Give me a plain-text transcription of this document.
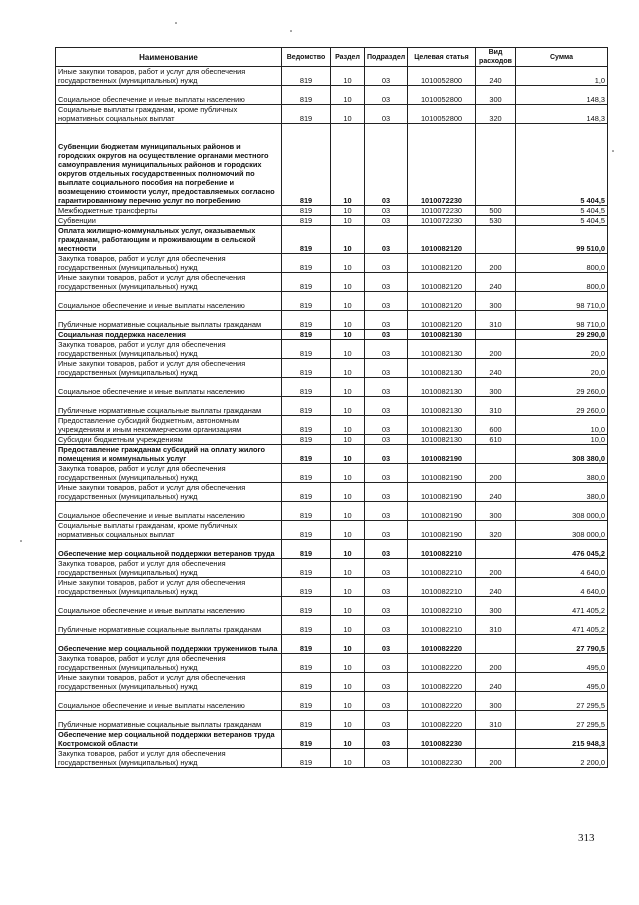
Наименование	Ведомство	Раздел	Подраздел	Целевая статья	Вид расходов	Сумма
Иные закупки товаров, работ и услуг для обеспечения государственных (муниципальных) нужд	819	10	03	1010052800	240	1,0
Социальное обеспечение и иные выплаты населению	819	10	03	1010052800	300	148,3
Социальные выплаты гражданам, кроме публичных нормативных социальных выплат	819	10	03	1010052800	320	148,3
Субвенции бюджетам муниципальных районов и городских округов на осуществление органами местного самоуправления муниципальных районов и городских округов отдельных государственных полномочий по выплате социального пособия на погребение и возмещению стоимости услуг, предоставляемых согласно гарантированному перечню услуг по погребению	819	10	03	1010072230		5 404,5
Межбюджетные трансферты	819	10	03	1010072230	500	5 404,5
Субвенции	819	10	03	1010072230	530	5 404,5
Оплата жилищно-коммунальных услуг, оказываемых гражданам, работающим и проживающим в сельской местности	819	10	03	1010082120		99 510,0
Закупка товаров, работ и услуг для обеспечения государственных (муниципальных) нужд	819	10	03	1010082120	200	800,0
Иные закупки товаров, работ и услуг для обеспечения государственных (муниципальных) нужд	819	10	03	1010082120	240	800,0
Социальное обеспечение и иные выплаты населению	819	10	03	1010082120	300	98 710,0
Публичные нормативные социальные выплаты гражданам	819	10	03	1010082120	310	98 710,0
Социальная поддержка населения	819	10	03	1010082130		29 290,0
Закупка товаров, работ и услуг для обеспечения государственных (муниципальных) нужд	819	10	03	1010082130	200	20,0
Иные закупки товаров, работ и услуг для обеспечения государственных (муниципальных) нужд	819	10	03	1010082130	240	20,0
Социальное обеспечение и иные выплаты населению	819	10	03	1010082130	300	29 260,0
Публичные нормативные социальные выплаты гражданам	819	10	03	1010082130	310	29 260,0
Предоставление субсидий бюджетным, автономным учреждениям и иным некоммерческим организациям	819	10	03	1010082130	600	10,0
Субсидии бюджетным учреждениям	819	10	03	1010082130	610	10,0
Предоставление гражданам субсидий на оплату жилого помещения и коммунальных услуг	819	10	03	1010082190		308 380,0
Закупка товаров, работ и услуг для обеспечения государственных (муниципальных) нужд	819	10	03	1010082190	200	380,0
Иные закупки товаров, работ и услуг для обеспечения государственных (муниципальных) нужд	819	10	03	1010082190	240	380,0
Социальное обеспечение и иные выплаты населению	819	10	03	1010082190	300	308 000,0
Социальные выплаты гражданам, кроме публичных нормативных социальных выплат	819	10	03	1010082190	320	308 000,0
Обеспечение мер социальной поддержки ветеранов труда	819	10	03	1010082210		476 045,2
Закупка товаров, работ и услуг для обеспечения государственных (муниципальных) нужд	819	10	03	1010082210	200	4 640,0
Иные закупки товаров, работ и услуг для обеспечения государственных (муниципальных) нужд	819	10	03	1010082210	240	4 640,0
Социальное обеспечение и иные выплаты населению	819	10	03	1010082210	300	471 405,2
Публичные нормативные социальные выплаты гражданам	819	10	03	1010082210	310	471 405,2
Обеспечение мер социальной поддержки тружеников тыла	819	10	03	1010082220		27 790,5
Закупка товаров, работ и услуг для обеспечения государственных (муниципальных) нужд	819	10	03	1010082220	200	495,0
Иные закупки товаров, работ и услуг для обеспечения государственных (муниципальных) нужд	819	10	03	1010082220	240	495,0
Социальное обеспечение и иные выплаты населению	819	10	03	1010082220	300	27 295,5
Публичные нормативные социальные выплаты гражданам	819	10	03	1010082220	310	27 295,5
Обеспечение мер социальной поддержки ветеранов труда Костромской области	819	10	03	1010082230		215 948,3
Закупка товаров, работ и услуг для обеспечения государственных (муниципальных) нужд	819	10	03	1010082230	200	2 200,0
313
